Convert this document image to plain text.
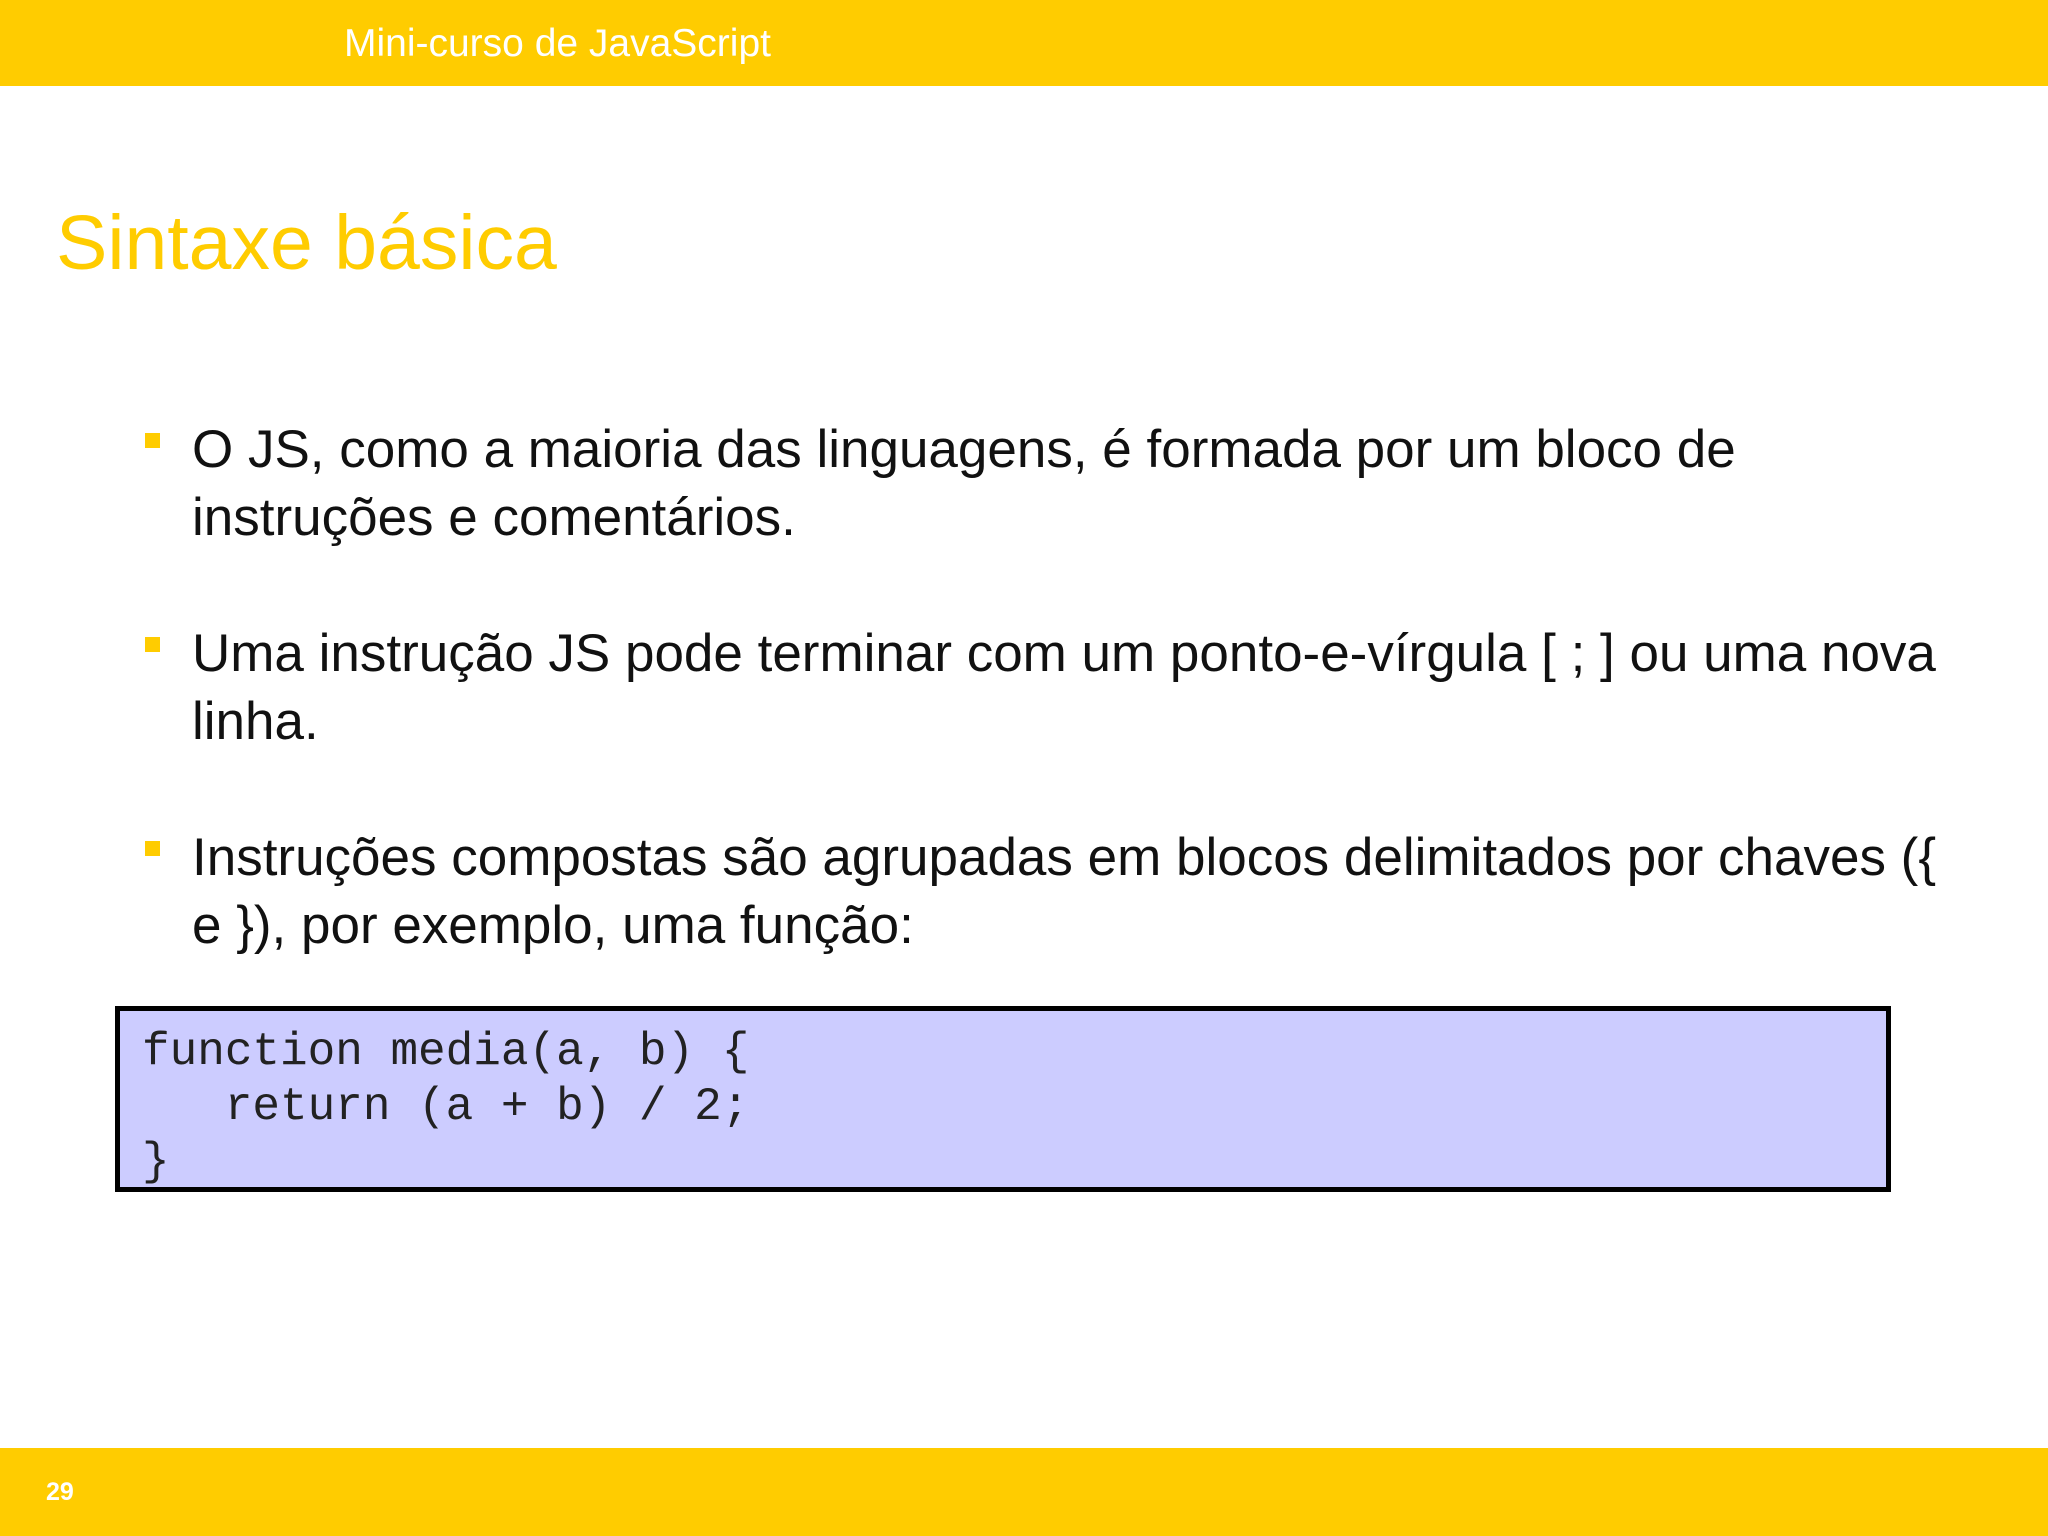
Mini-curso de JavaScript
Sintaxe básica
O JS, como a maioria das linguagens, é formada por um bloco de instruções e comentários.
Uma instrução JS pode terminar com um ponto-e-vírgula [ ; ] ou uma nova linha.
Instruções compostas são agrupadas em blocos delimitados por chaves ({ e }), por exemplo, uma função:
function media(a, b) {
return (a + b) / 2;
}
29
